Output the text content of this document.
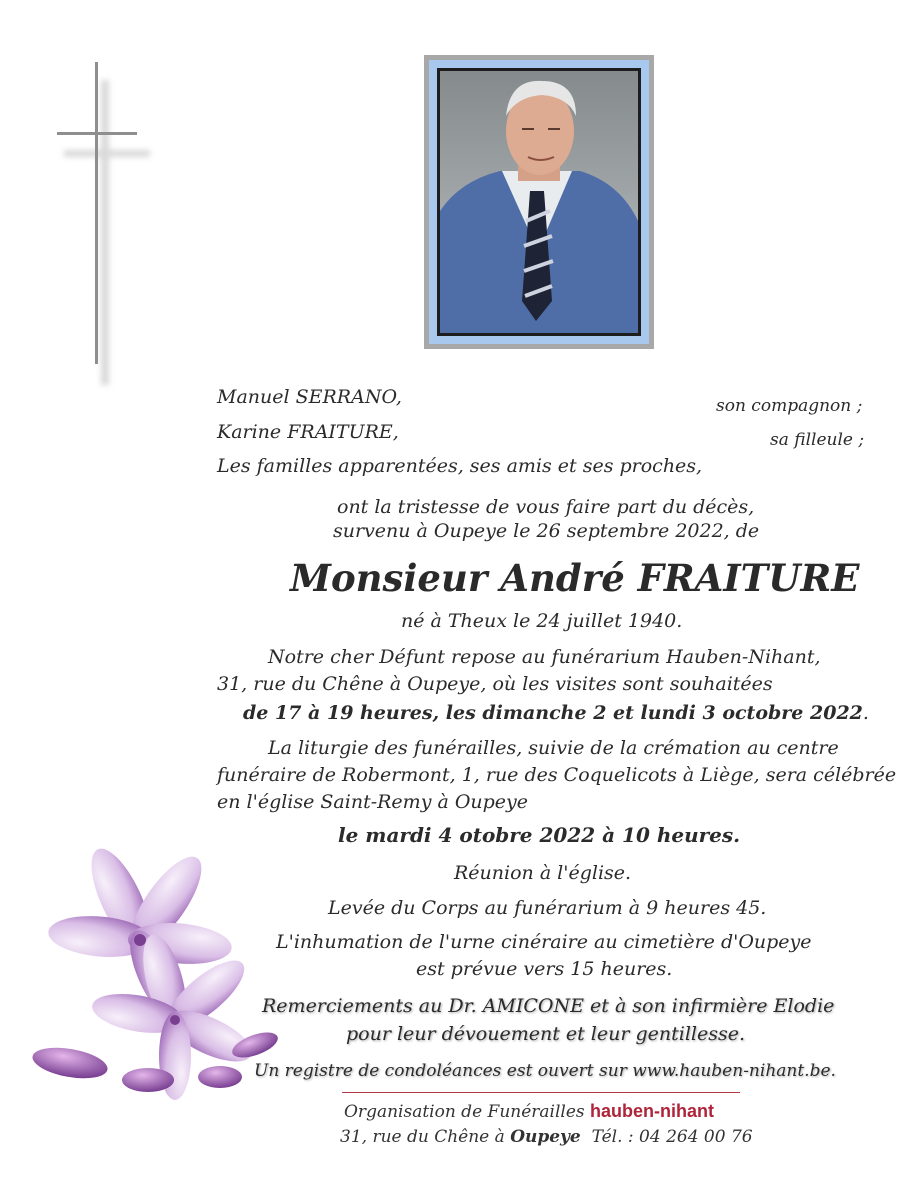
Manuel SERRANO,	son compagnon ;
Karine FRAITURE,	sa filleule ;
Les familles apparentées, ses amis et ses proches,
ont la tristesse de vous faire part du décès,
survenu à Oupeye le 26 septembre 2022, de
Monsieur André FRAITURE
né à Theux le 24 juillet 1940.
Notre cher Défunt repose au funérarium Hauben-Nihant,
31, rue du Chêne à Oupeye, où les visites sont souhaitées
de 17 à 19 heures, les dimanche 2 et lundi 3 octobre 2022.
La liturgie des funérailles, suivie de la crémation au centre
funéraire de Robermont, 1, rue des Coquelicots à Liège, sera célébrée
en l'église Saint-Remy à Oupeye
le mardi 4 otobre 2022 à 10 heures.
Réunion à l'église.
Levée du Corps au funérarium à 9 heures 45.
L'inhumation de l'urne cinéraire au cimetière d'Oupeye
est prévue vers 15 heures.
Remerciements au Dr. AMICONE et à son infirmière Elodie
pour leur dévouement et leur gentillesse.
Un registre de condoléances est ouvert sur www.hauben-nihant.be.
Organisation de Funérailles hauben-nihant
31, rue du Chêne à Oupeye Tél. : 04 264 00 76
